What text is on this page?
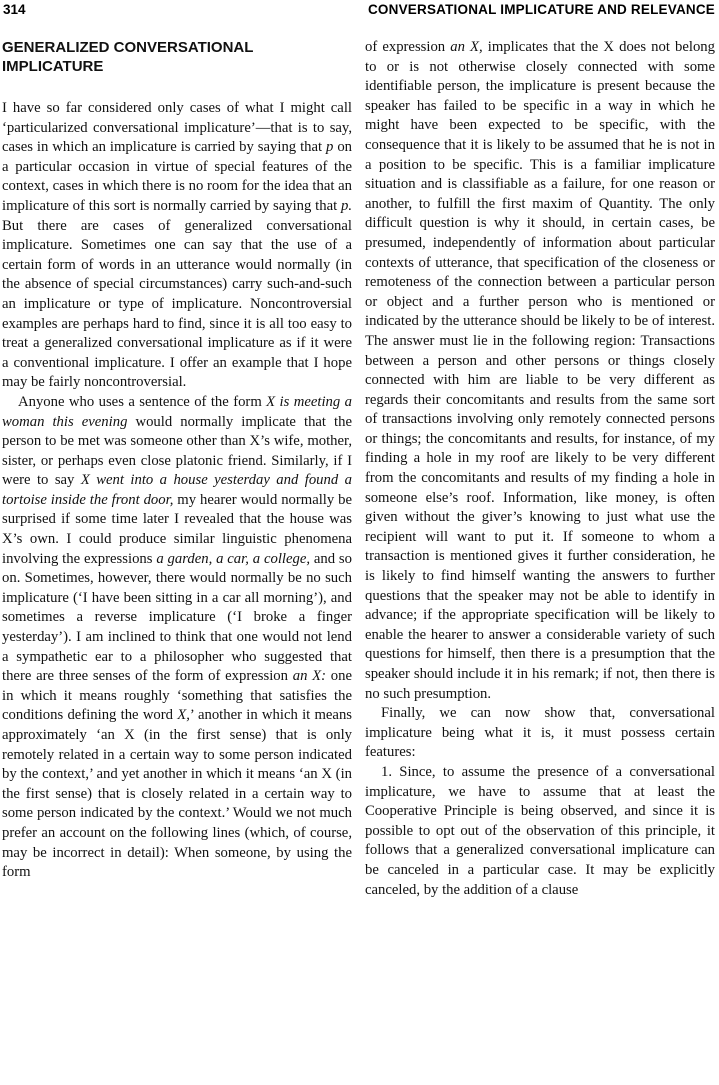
314	CONVERSATIONAL IMPLICATURE AND RELEVANCE
GENERALIZED CONVERSATIONAL
IMPLICATURE

I have so far considered only cases of what I might call ‘particularized conversational implicature’—that is to say, cases in which an implicature is carried by saying that p on a particular occasion in virtue of special features of the context, cases in which there is no room for the idea that an implicature of this sort is normally carried by saying that p. But there are cases of generalized conversational implicature. Sometimes one can say that the use of a certain form of words in an utterance would normally (in the absence of special circumstances) carry such-and-such an implicature or type of implicature. Noncontroversial examples are perhaps hard to find, since it is all too easy to treat a generalized conversational implicature as if it were a conventional implicature. I offer an example that I hope may be fairly noncontroversial.

Anyone who uses a sentence of the form X is meeting a woman this evening would normally implicate that the person to be met was someone other than X’s wife, mother, sister, or perhaps even close platonic friend. Similarly, if I were to say X went into a house yesterday and found a tortoise inside the front door, my hearer would normally be surprised if some time later I revealed that the house was X’s own. I could produce similar linguistic phenomena involving the expressions a garden, a car, a college, and so on. Sometimes, however, there would normally be no such implicature (‘I have been sitting in a car all morning’), and sometimes a reverse implicature (‘I broke a finger yesterday’). I am inclined to think that one would not lend a sympathetic ear to a philosopher who suggested that there are three senses of the form of expression an X: one in which it means roughly ‘something that satisfies the conditions defining the word X,’ another in which it means approximately ‘an X (in the first sense) that is only remotely related in a certain way to some person indicated by the context,’ and yet another in which it means ‘an X (in the first sense) that is closely related in a certain way to some person indicated by the context.’ Would we not much prefer an account on the following lines (which, of course, may be incorrect in detail): When someone, by using the form

of expression an X, implicates that the X does not belong to or is not otherwise closely connected with some identifiable person, the implicature is present because the speaker has failed to be specific in a way in which he might have been expected to be specific, with the consequence that it is likely to be assumed that he is not in a position to be specific. This is a familiar implicature situation and is classifiable as a failure, for one reason or another, to fulfill the first maxim of Quantity. The only difficult question is why it should, in certain cases, be presumed, independently of information about particular contexts of utterance, that specification of the closeness or remoteness of the connection between a particular person or object and a further person who is mentioned or indicated by the utterance should be likely to be of interest. The answer must lie in the following region: Transactions between a person and other persons or things closely connected with him are liable to be very different as regards their concomitants and results from the same sort of transactions involving only remotely connected persons or things; the concomitants and results, for instance, of my finding a hole in my roof are likely to be very different from the concomitants and results of my finding a hole in someone else’s roof. Information, like money, is often given without the giver’s knowing to just what use the recipient will want to put it. If someone to whom a transaction is mentioned gives it further consideration, he is likely to find himself wanting the answers to further questions that the speaker may not be able to identify in advance; if the appropriate specification will be likely to enable the hearer to answer a considerable variety of such questions for himself, then there is a presumption that the speaker should include it in his remark; if not, then there is no such presumption.

Finally, we can now show that, conversational implicature being what it is, it must possess certain features:

1. Since, to assume the presence of a conversational implicature, we have to assume that at least the Cooperative Principle is being observed, and since it is possible to opt out of the observation of this principle, it follows that a generalized conversational implicature can be canceled in a particular case. It may be explicitly canceled, by the addition of a clause
